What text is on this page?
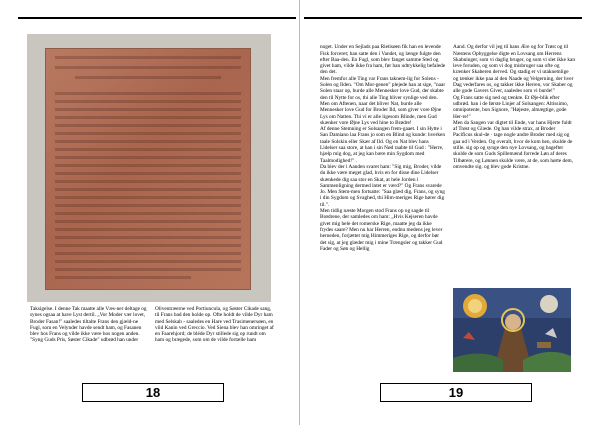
Taksigelse. I denne Tak maatte alle Væs-ner deltage og synes ogsaa at have Lyst dertil. „Vor Moder vær lovet, Broder Fasan!" saaledes tiltalte Frans den gjæld-ne Fugl, som en Velynder havde sendt ham, og Fasanen blev hos Frans og vilde ikke være hos nogen anden. "Syng Guds Pris, Søster Cikade" udbrød han under

Oliventræerne ved Portiuncula, og Søster Cikade sang, til Frans bad den holde op. Ofte holdt de vilde Dyr ham med Selskab - saaledes en Hare ved Trasimenersøen, en vild Kanin ved Greccio. Ved Siena blev han omringet af en Faarehjord; de bléde Dyr stillede sig op rundt om ham og brægede, som om de vilde fortælle ham

18

noget. Under en Sejlads paa Rietisøen fik han en levende Fisk forceret; han satte den i Vandet, og længe fulgte den efter Baa-den. En Fugl, som blev fanget samme Sted og givet ham, vilde ikke fra ham, før han udtrykkelig befalede den det.
Men fremfor alle Ting var Frans taknem-lig for Solens - Solen og Ilden. "Om Mor-genen" plejede han at sige, "naar Solen staar op, burde alle Mennesker love Gud, der skabte den til Nytte for os, thi alle Ting bliver synlige ved den. Men om Aftenen, naar det bliver Nat, burde alle Mennesker love Gud for Broder Ild, som giver vore Øjne Lys om Natten. Thi vi er alle ligesom Blinde, men Gud skænker vore Øjne Lys ved hine to Brødre!
Af denne Stemning er Solsangen frem-gaaet. I sin Hytte i San Damiano laa Frans jo som en Blind og kunde: hverken taale Solskin eller Skær af Ild. Og en Nat blev hans Lidelser saa store, at han i sin Nød raabte til Gud : "Herre, hjælp mig dog, at jeg kan bære min Sygdom med Taalmodighed!" .
Da blev der i Aanden svaret ham: "Sig mig, Broder, vilde du ikke være meget glad, hvis en for disse dine Lidelser skænkede dig saa stor en Skat, at hele Jorden i Sammenligning dermed intet er værd?" Og Frans svarede Jo. Men Stem-men fortsatte: "Saa glæd dig, Frans, og syng i din Sygdom og Svaghed, thi Him-meriges Rige hører dig til.".
Men tidlig næste Morgen stod Frans op og sagde til Brødrene, der samledes om ham: „Hvis Kejseren havde givet mig hele det romerske Rige, maatte jeg da ikke frydes saare? Men nu har Herren, endnu medens jeg lever herneden, forjættet mig Himmeriges Rige, og derfor bør det sig, at jeg glæder mig i mine Trængsler og takker Gud Fader og Søn og Hellig

Aand. Og derfor vil jeg til hans Ære og for Trøst og til Næstens Opbyggelse digte en Lovsang om Herrens Skabninger, som vi daglig bruger, og som vi slet ikke kan leve foruden, og som vi dog misbruger saa ofte og krænker Skaberen derved. Og stadig er vi utaknemlige og tænker ikke paa al den Naade og Velgerning, der hver Dag vederfares os, og takker ikke Herren, vor Skaber og alle gode Gavers Giver, saaledes som vi burde!"
Og Frans satte sig ned og tænkte. Et Øje-blik efter udbrød. han i de første Linjer af Solsangen: Altissimo, omnipotente, bon Signore, "Højeste, almægtige, gode Her-re!"
Men da Sangen var digtet til Ende, var hans Hjerte fuldt af Trøst og Glæde. Og han vilde strax, at Broder Pacificus skul-de · tage nogle andre Broder med sig og gaa ud i Verden. Og overalt, hvor de kom hen, skulde de stille. sig op og synge den nye Lovsang, og bagefter skulde de som Guds Spillemænd forrede Løn af deres Tilhørere, og Lønnen skulde være, at de, som hørte dem, omvendte sig. og blev gode Kristne.

19
